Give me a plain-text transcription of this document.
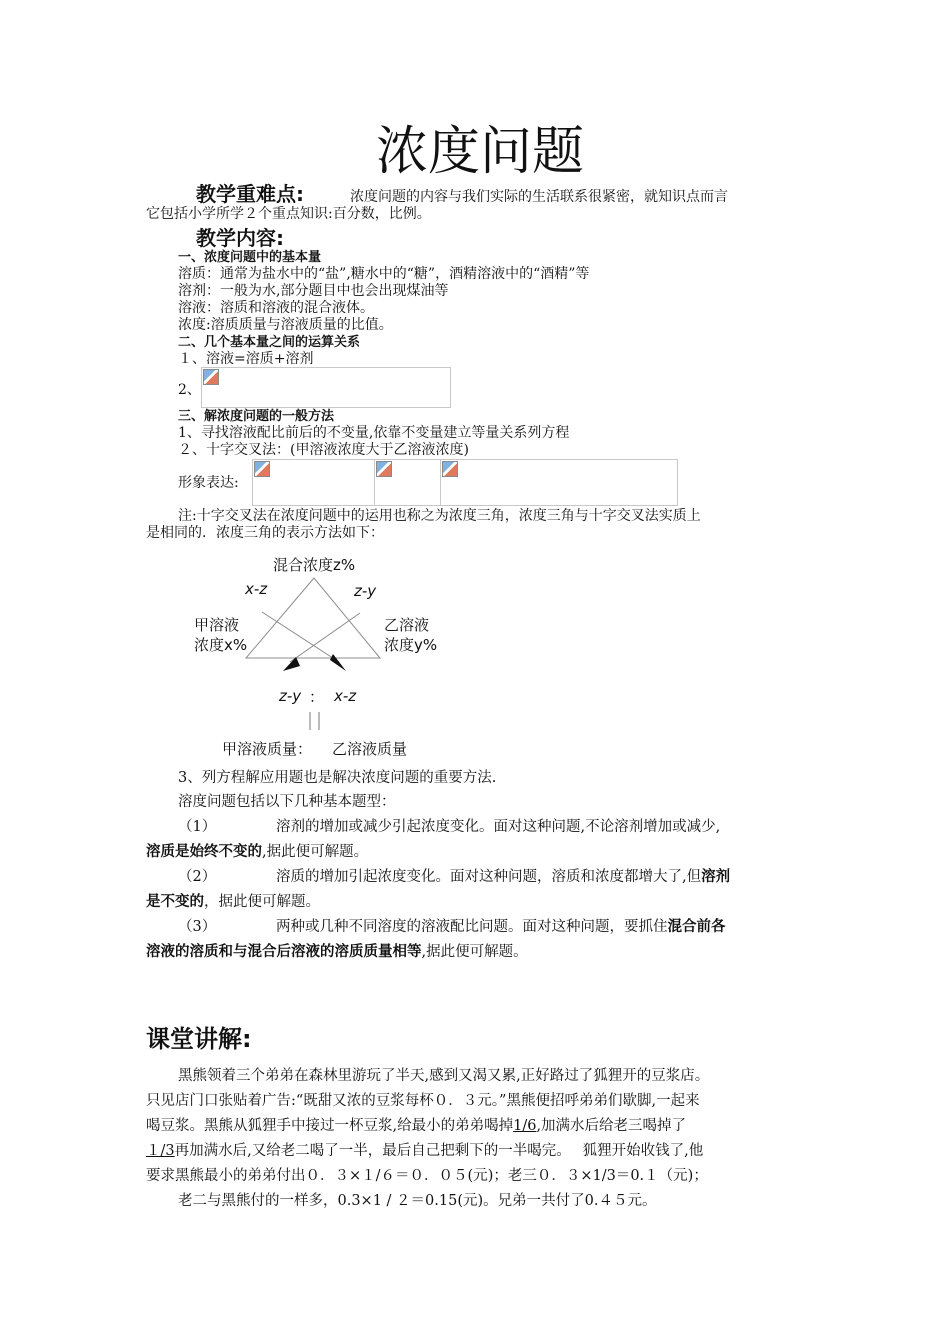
浓度问题
教学重难点:	浓度问题的内容与我们实际的生活联系很紧密，就知识点而言
它包括小学所学２个重点知识:百分数，比例。
教学内容:
一、浓度问题中的基本量
溶质：通常为盐水中的“盐”,糖水中的“糖”，酒精溶液中的“酒精”等
溶剂：一般为水,部分题目中也会出现煤油等
溶液：溶质和溶液的混合液体。
浓度:溶质质量与溶液质量的比值。
二、几个基本量之间的运算关系
１、溶液=溶质+溶剂
2、
三、解浓度问题的一般方法
1、寻找溶液配比前后的不变量,依靠不变量建立等量关系列方程
２、十字交叉法：(甲溶液浓度大于乙溶液浓度)
形象表达:
注:十字交叉法在浓度问题中的运用也称之为浓度三角，浓度三角与十字交叉法实质上
是相同的．浓度三角的表示方法如下：
混合浓度z%
x-z	z-y
甲溶液
浓度x%
乙溶液
浓度y%
z-y ： x-z
甲溶液质量： 乙溶液质量
3、列方程解应用题也是解决浓度问题的重要方法.
溶度问题包括以下几种基本题型：
（1）	溶剂的增加或减少引起浓度变化。面对这种问题,不论溶剂增加或减少,
溶质是始终不变的,据此便可解题。
（2）	溶质的增加引起浓度变化。面对这种问题，溶质和浓度都增大了,但溶剂
是不变的，据此便可解题。
（3）	两种或几种不同溶度的溶液配比问题。面对这种问题，要抓住混合前各
溶液的溶质和与混合后溶液的溶质质量相等,据此便可解题。
课堂讲解:
黑熊领着三个弟弟在森林里游玩了半天,感到又渴又累,正好路过了狐狸开的豆浆店。
只见店门口张贴着广告:“既甜又浓的豆浆每杯０．３元。”黑熊便招呼弟弟们歇脚,一起来
喝豆浆。黑熊从狐狸手中接过一杯豆浆,给最小的弟弟喝掉1/6,加满水后给老三喝掉了
１/3再加满水后,又给老二喝了一半，最后自己把剩下的一半喝完。　 狐狸开始收钱了,他
要求黑熊最小的弟弟付出０．３×１/６＝０．０５(元)；老三０．３×1/3＝0.１（元)；
老二与黑熊付的一样多，0.3×1 / ２＝0.15(元)。兄弟一共付了0.４５元。
